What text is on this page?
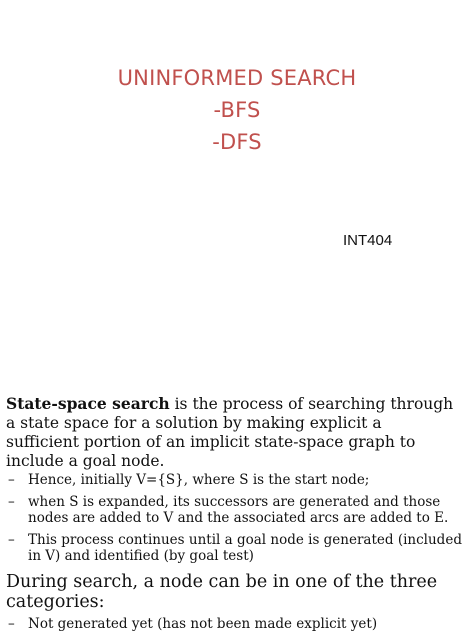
UNINFORMED SEARCH
-BFS
-DFS
INT404
State-space search is the process of searching through a state space for a solution by making explicit a sufficient portion of an implicit state-space graph to include a goal node.
– Hence, initially V={S}, where S is the start node;
– when S is expanded, its successors are generated and those nodes are added to V and the associated arcs are added to E.
– This process continues until a goal node is generated (included in V) and identified (by goal test)
During search, a node can be in one of the three categories:
– Not generated yet (has not been made explicit yet)
